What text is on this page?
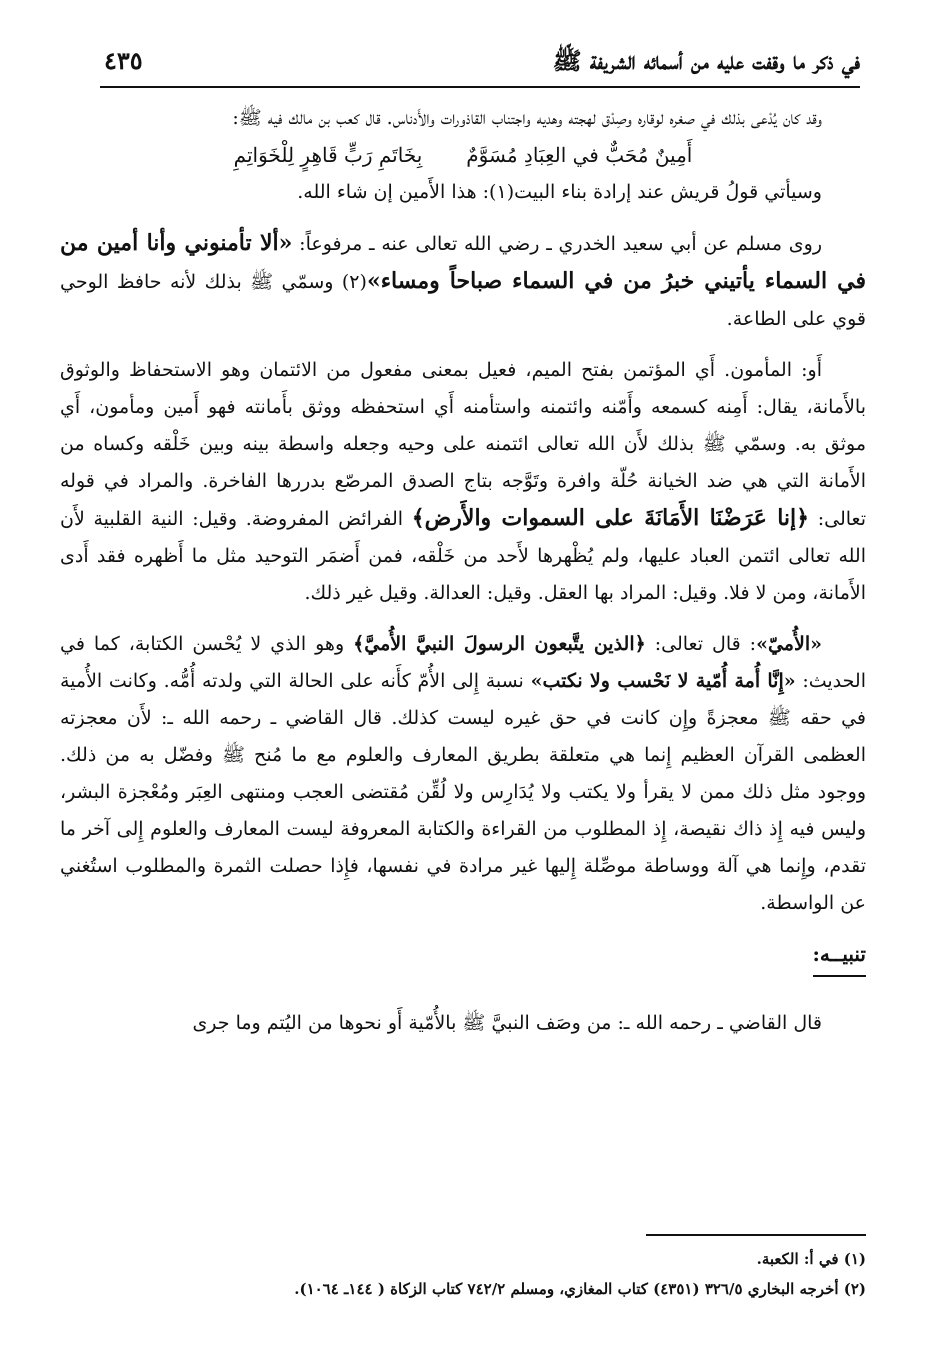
في ذكر ما وقفت عليه من أسمائه الشريفة ﷺ
٤٣٥

وقد كان يُدْعى بذلك في صغره لوقاره وصِدْق لهجته وهديه واجتناب القاذورات والأَدناس. قال كعب بن مالك فيه ﷺ:

أَمِينٌ مُحَبٌّ في العِبَادِ مُسَوَّمٌ
بِخَاتَمِ رَبٍّ قَاهِرٍ لِلْخَوَاتِمِ

وسيأتي قولُ قريش عند إرادة بناء البيت(١): هذا الأَمين إن شاء الله.

روى مسلم عن أبي سعيد الخدري ـ رضي الله تعالى عنه ـ مرفوعاً: «ألا تأمنوني وأنا أمين من في السماء يأتيني خبرُ من في السماء صباحاً ومساء»(٢) وسمّي ﷺ بذلك لأنه حافظ الوحي قوي على الطاعة.

أَو: المأمون. أَي المؤتمن بفتح الميم، فعيل بمعنى مفعول من الائتمان وهو الاستحفاظ والوثوق بالأَمانة، يقال: أَمِنه كسمعه وأَمّنه وائتمنه واستأمنه أَي استحفظه ووثق بأَمانته فهو أَمين ومأمون، أَي موثق به. وسمّي ﷺ بذلك لأَن الله تعالى ائتمنه على وحيه وجعله واسطة بينه وبين خَلْقه وكساه من الأَمانة التي هي ضد الخيانة حُلّة وافرة وتَوَّجه بتاج الصدق المرصّع بدررها الفاخرة. والمراد في قوله تعالى: ﴿إنا عَرَضْنَا الأَمَانَةَ على السموات والأَرض﴾ الفرائض المفروضة. وقيل: النية القلبية لأَن الله تعالى ائتمن العباد عليها، ولم يُظْهرها لأَحد من خَلْقه، فمن أَضمَر التوحيد مثل ما أَظهره فقد أَدى الأَمانة، ومن لا فلا. وقيل: المراد بها العقل. وقيل: العدالة. وقيل غير ذلك.

«الأُميّ»: قال تعالى: ﴿الذين يتَّبعون الرسولَ النبيَّ الأُميَّ﴾ وهو الذي لا يُحْسن الكتابة، كما في الحديث: «إِنَّا أُمة أُمّية لا نَحْسب ولا نكتب» نسبة إِلى الأُمّ كأَنه على الحالة التي ولدته أُمُّه. وكانت الأُمية في حقه ﷺ معجزةً وإِن كانت في حق غيره ليست كذلك. قال القاضي ـ رحمه الله ـ: لأَن معجزته العظمى القرآن العظيم إِنما هي متعلقة بطريق المعارف والعلوم مع ما مُنح ﷺ وفضّل به من ذلك. ووجود مثل ذلك ممن لا يقرأ ولا يكتب ولا يُدَارِس ولا لُقِّن مُقتضى العجب ومنتهى العِبَر ومُعْجزة البشر، وليس فيه إِذ ذاك نقيصة، إِذ المطلوب من القراءة والكتابة المعروفة ليست المعارف والعلوم إِلى آخر ما تقدم، وإِنما هي آلة ووساطة موصِّلة إِليها غير مرادة في نفسها، فإِذا حصلت الثمرة والمطلوب استُغني عن الواسطة.

تنبيــه:

قال القاضي ـ رحمه الله ـ: من وصَف النبيَّ ﷺ بالأُمّية أَو نحوها من اليُتم وما جرى

(١) في أ: الكعبة.

(٢) أخرجه البخاري ٣٢٦/٥ (٤٣٥١) كتاب المغازي، ومسلم ٧٤٢/٢ كتاب الزكاة ( ١٤٤ـ ١٠٦٤).
